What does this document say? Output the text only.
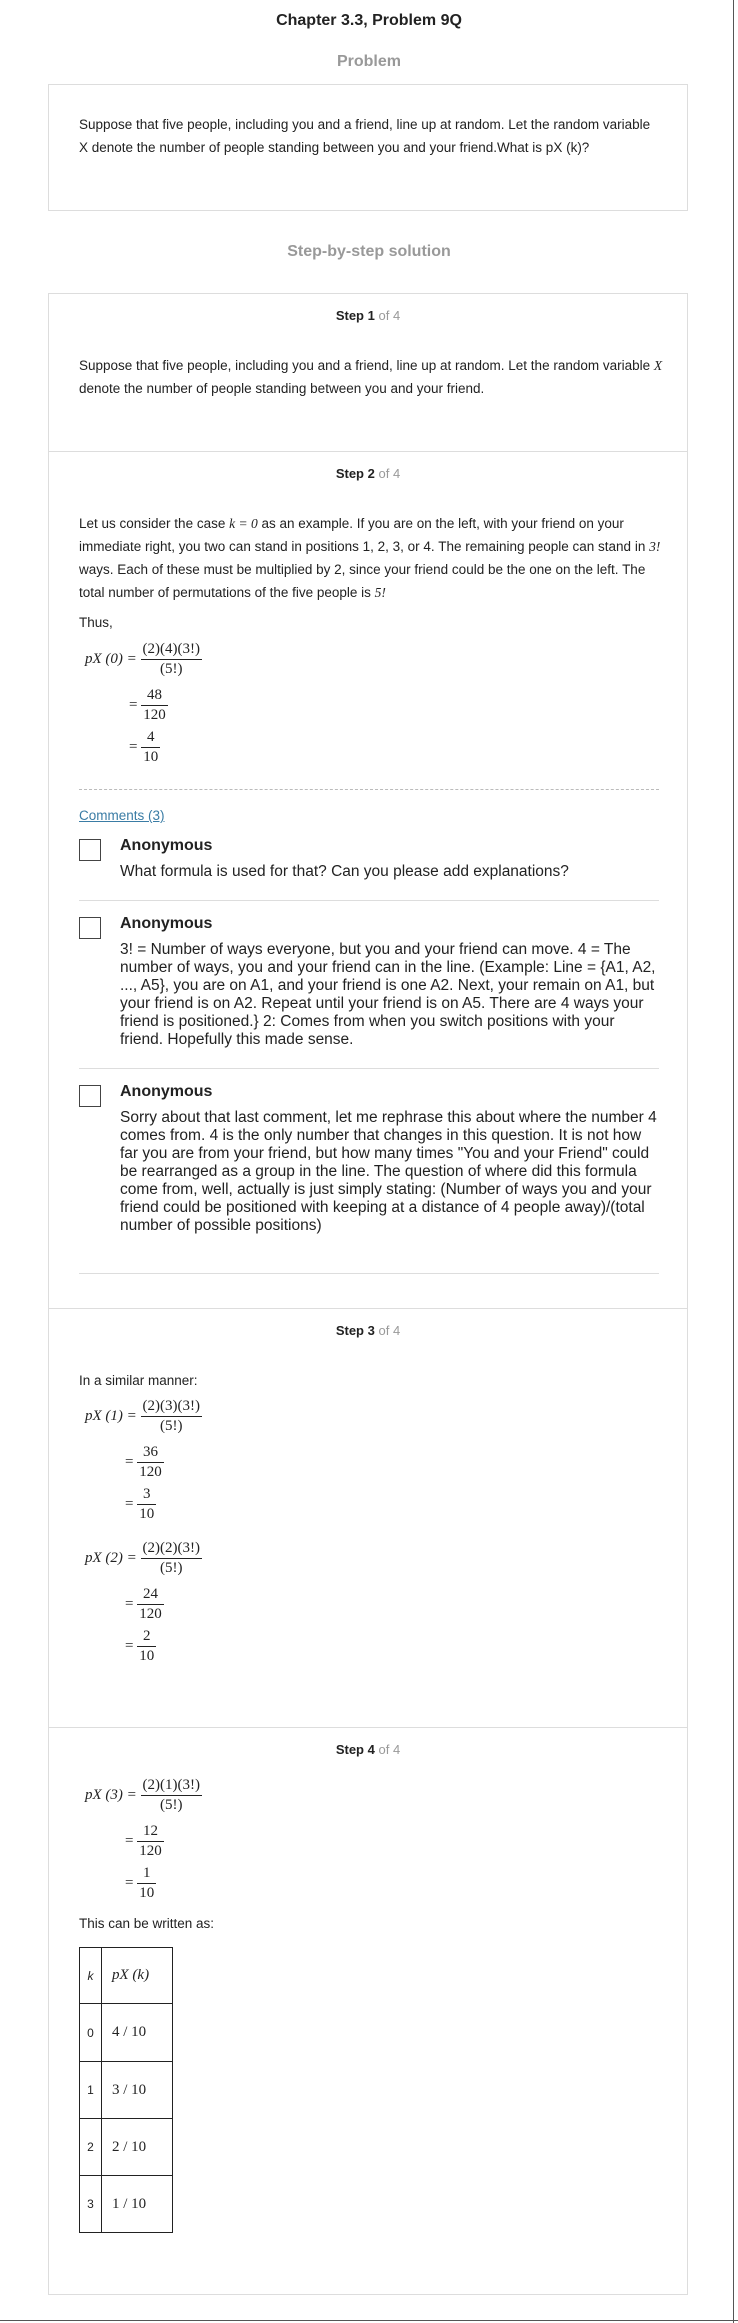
Chapter 3.3, Problem 9Q
Problem
Suppose that five people, including you and a friend, line up at random. Let the random variable X denote the number of people standing between you and your friend.What is pX (k)?
Step-by-step solution
Step 1 of 4
Suppose that five people, including you and a friend, line up at random. Let the random variable X denote the number of people standing between you and your friend.
Step 2 of 4
Let us consider the case k = 0 as an example. If you are on the left, with your friend on your immediate right, you two can stand in positions 1, 2, 3, or 4. The remaining people can stand in 3! ways. Each of these must be multiplied by 2, since your friend could be the one on the left. The total number of permutations of the five people is 5!
Thus,
pX $(0) = \frac{(2)(4)(3!)}{(5!)}$
= $\frac{48}{120}$
= $\frac{4}{10}$
Comments (3)
Anonymous
What formula is used for that? Can you please add explanations?
Anonymous
3! = Number of ways everyone, but you and your friend can move. 4 = The number of ways, you and your friend can in the line. (Example: Line = {A1, A2, ..., A5}, you are on A1, and your friend is one A2. Next, your remain on A1, but your friend is on A2. Repeat until your friend is on A5. There are 4 ways your friend is positioned.} 2: Comes from when you switch positions with your friend. Hopefully this made sense.
Anonymous
Sorry about that last comment, let me rephrase this about where the number 4 comes from. 4 is the only number that changes in this question. It is not how far you are from your friend, but how many times "You and your Friend" could be rearranged as a group in the line. The question of where did this formula come from, well, actually is just simply stating: (Number of ways you and your friend could be positioned with keeping at a distance of 4 people away)/(total number of possible positions)
Step 3 of 4
In a similar manner:
pX $(1) = \frac{(2)(3)(3!)}{(5!)}$
= $\frac{36}{120}$
= $\frac{3}{10}$
pX $(2) = \frac{(2)(2)(3!)}{(5!)}$
= $\frac{24}{120}$
= $\frac{2}{10}$
Step 4 of 4
pX $(3) = \frac{(2)(1)(3!)}{(5!)}$
= $\frac{12}{120}$
= $\frac{1}{10}$
This can be written as:
k	pX (k)
0	4 / 10
1	3 / 10
2	2 / 10
3	1 / 10
